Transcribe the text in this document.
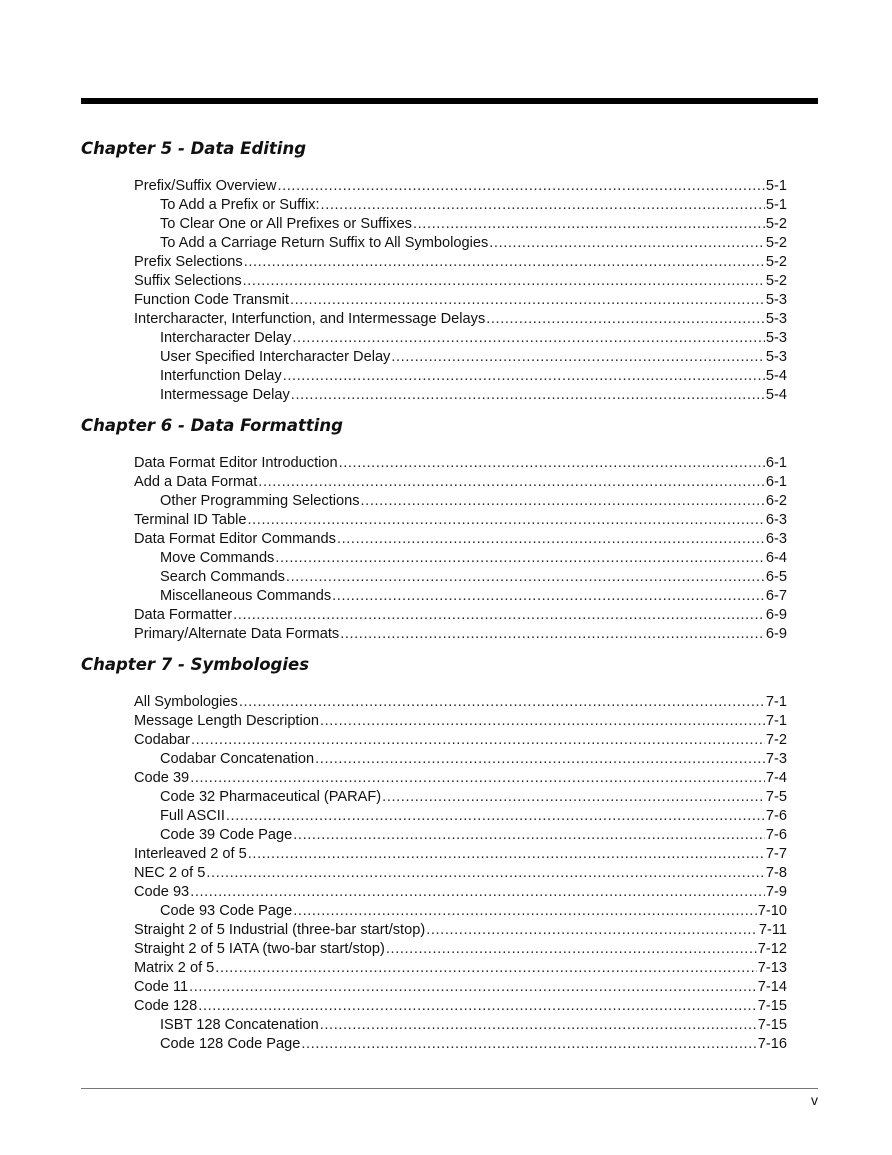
Chapter 5 - Data Editing
Prefix/Suffix Overview .....	5-1
To Add a Prefix or Suffix: .....	5-1
To Clear One or All Prefixes or Suffixes .....	5-2
To Add a Carriage Return Suffix to All Symbologies .....	5-2
Prefix Selections .....	5-2
Suffix Selections .....	5-2
Function Code Transmit .....	5-3
Intercharacter, Interfunction, and Intermessage Delays .....	5-3
Intercharacter Delay .....	5-3
User Specified Intercharacter Delay .....	5-3
Interfunction Delay .....	5-4
Intermessage Delay .....	5-4
Chapter 6 - Data Formatting
Data Format Editor Introduction .....	6-1
Add a Data Format .....	6-1
Other Programming Selections .....	6-2
Terminal ID Table .....	6-3
Data Format Editor Commands .....	6-3
Move Commands .....	6-4
Search Commands .....	6-5
Miscellaneous Commands .....	6-7
Data Formatter .....	6-9
Primary/Alternate Data Formats .....	6-9
Chapter 7 - Symbologies
All Symbologies .....	7-1
Message Length Description .....	7-1
Codabar .....	7-2
Codabar Concatenation .....	7-3
Code 39 .....	7-4
Code 32 Pharmaceutical (PARAF) .....	7-5
Full ASCII .....	7-6
Code 39 Code Page .....	7-6
Interleaved 2 of 5 .....	7-7
NEC 2 of 5 .....	7-8
Code 93 .....	7-9
Code 93 Code Page .....	7-10
Straight 2 of 5 Industrial (three-bar start/stop) .....	7-11
Straight 2 of 5 IATA (two-bar start/stop) .....	7-12
Matrix 2 of 5 .....	7-13
Code 11 .....	7-14
Code 128 .....	7-15
ISBT 128 Concatenation .....	7-15
Code 128 Code Page .....	7-16
v
